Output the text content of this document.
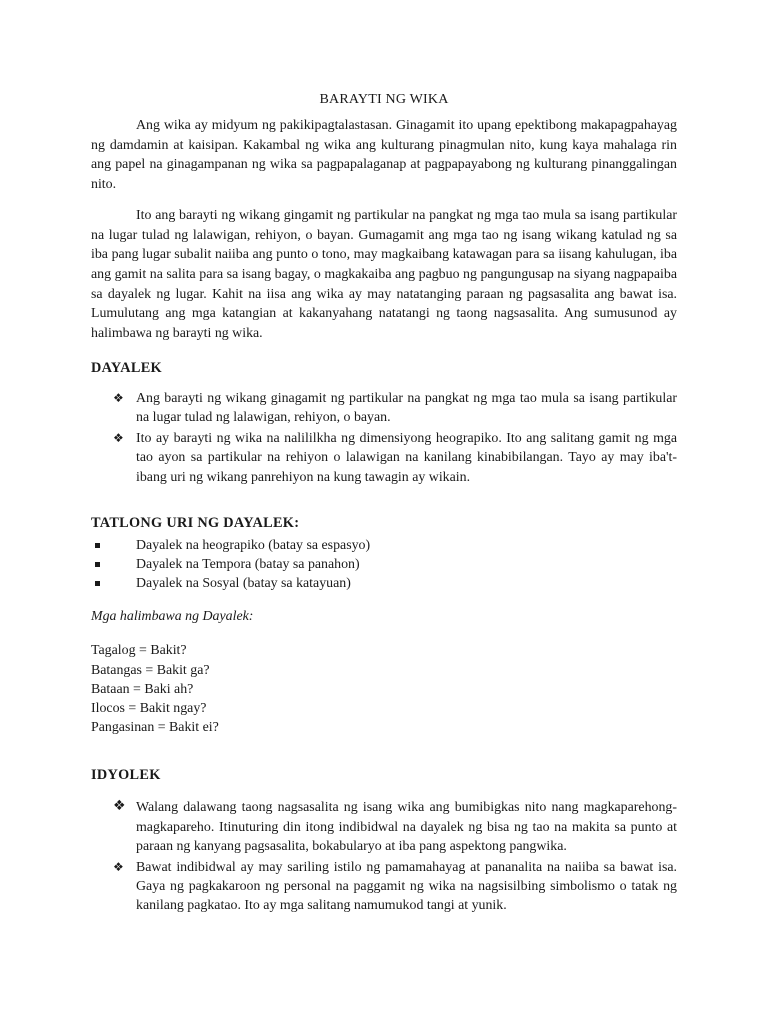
BARAYTI NG WIKA

Ang wika ay midyum ng pakikipagtalastasan. Ginagamit ito upang epektibong makapagpahayag ng damdamin at kaisipan. Kakambal ng wika ang kulturang pinagmulan nito, kung kaya mahalaga rin ang papel na ginagampanan ng wika sa pagpapalaganap at pagpapayabong ng kulturang pinanggalingan nito.

Ito ang barayti ng wikang gingamit ng partikular na pangkat ng mga tao mula sa isang partikular na lugar tulad ng lalawigan, rehiyon, o bayan. Gumagamit ang mga tao ng isang wikang katulad ng sa iba pang lugar subalit naiiba ang punto o tono, may magkaibang katawagan para sa iisang kahulugan, iba ang gamit na salita para sa isang bagay, o magkakaiba ang pagbuo ng pangungusap na siyang nagpapaiba sa dayalek ng lugar. Kahit na iisa ang wika ay may natatanging paraan ng pagsasalita ang bawat isa. Lumulutang ang mga katangian at kakanyahang natatangi ng taong nagsasalita. Ang sumusunod ay halimbawa ng barayti ng wika.

DAYALEK
❖ Ang barayti ng wikang ginagamit ng partikular na pangkat ng mga tao mula sa isang partikular na lugar tulad ng lalawigan, rehiyon, o bayan.
❖ Ito ay barayti ng wika na nalililkha ng dimensiyong heograpiko. Ito ang salitang gamit ng mga tao ayon sa partikular na rehiyon o lalawigan na kanilang kinabibilangan. Tayo ay may iba't-ibang uri ng wikang panrehiyon na kung tawagin ay wikain.
TATLONG URI NG DAYALEK:
Dayalek na heograpiko (batay sa espasyo)
Dayalek na Tempora (batay sa panahon)
Dayalek na Sosyal (batay sa katayuan)
Mga halimbawa ng Dayalek:
Tagalog = Bakit?
Batangas = Bakit ga?
Bataan = Baki ah?
Ilocos = Bakit ngay?
Pangasinan = Bakit ei?
IDYOLEK
❖ Walang dalawang taong nagsasalita ng isang wika ang bumibigkas nito nang magkaparehong-magkapareho. Itinuturing din itong indibidwal na dayalek ng bisa ng tao na makita sa punto at paraan ng kanyang pagsasalita, bokabularyo at iba pang aspektong pangwika.
❖ Bawat indibidwal ay may sariling istilo ng pamamahayag at pananalita na naiiba sa bawat isa. Gaya ng pagkakaroon ng personal na paggamit ng wika na nagsisilbing simbolismo o tatak ng kanilang pagkatao. Ito ay mga salitang namumukod tangi at yunik.
